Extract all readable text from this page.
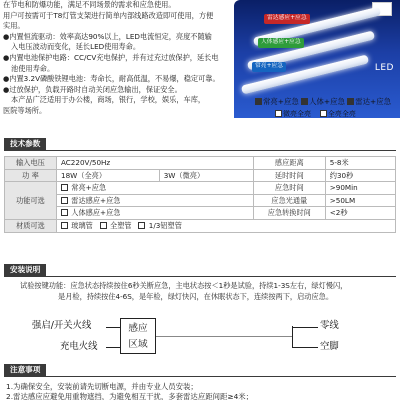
在节电和防爆功能，满足不同场景的需求和应急使用。

用户可按需可于T8灯管支架进行简单内部线路改造即可使用，方便

实用。

●内置恒流驱动：效率高达90%以上，LED电流恒定，亮度不随输

入电压波动而变化，延长LED使用寿命。

●内置电池保护电路：CC/CV充电保护，并有过充过放保护，延长电

池使用寿命。

●内置3.2V磷酸铁锂电池：寿命长，耐高低温，不易爆，稳定可靠。

●过放保护，负载开路时自动关闭应急输出，保证安全。

本产品广泛适用于办公楼，商场，银行，学校，娱乐，车库，

医院等场所。

雷达感应+应急
人体感应+应急
常亮+应急	LED
常亮+应急 人体+应急 雷达+应急
微亮全亮 全亮全亮
技术参数
输入电压	AC220V/50Hz		感应距离	5-8米
功 率	18W（全亮）	3W（微亮）	延时时间	约30秒
功能可选	常亮+应急		应急时间	>90Min
	雷达感应+应急		应急光通量	>50LM
	人体感应+应急		应急转换时间	<2秒
材质可选	玻璃管 全塑管 1/3铝塑管			
安装说明

试验按键功能：应急状态持续按住6秒关断应急，主电状态按＜1秒是试验，持续1-3S左右，绿灯慢闪，

是月检，持续按住4-6S，是年检，绿灯快闪，在休眠状态下，连续按两下，启动应急。

强启/开关火线
充电火线
感应
区域
零线
空脚
注意事项

1.为确保安全，安装前请先切断电源，并由专业人员安装；

2.雷达感应应避免用重物遮挡，为避免相互干扰，多套雷达应距间距≥4米；
